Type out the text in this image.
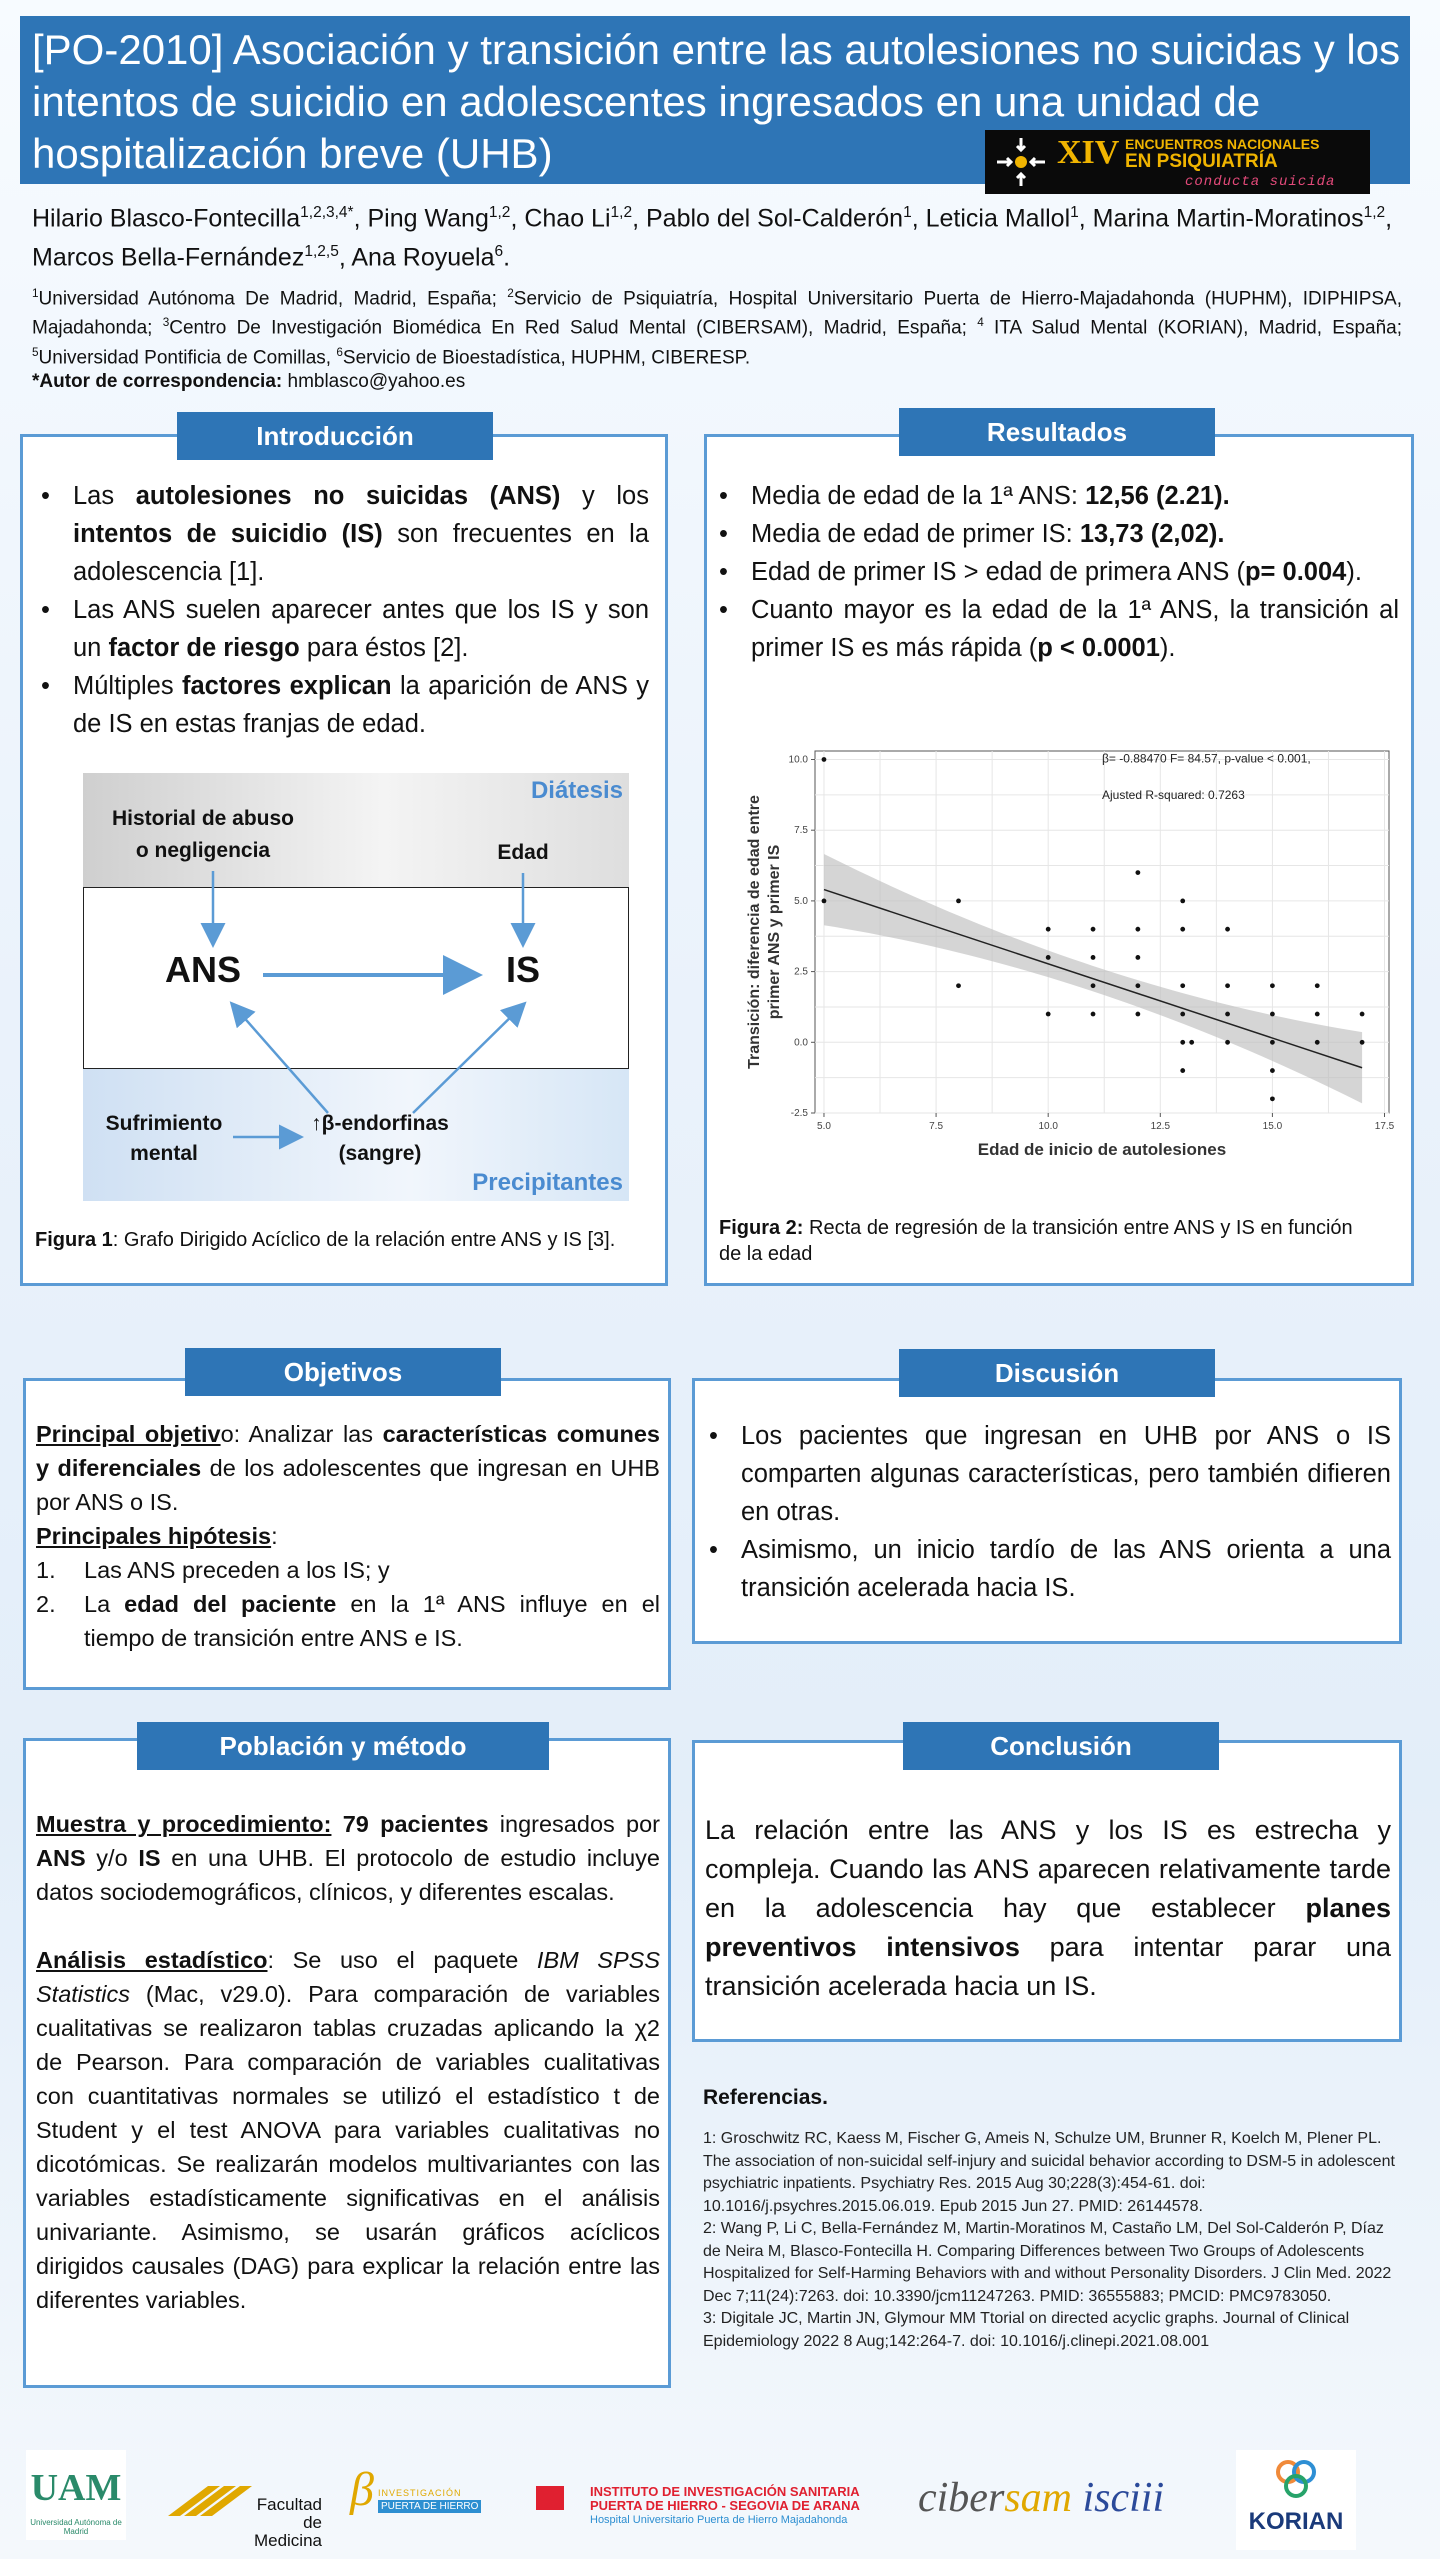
[PO-2010] Asociación y transición entre las autolesiones no suicidas y los intentos de suicidio en adolescentes ingresados en una unidad de hospitalización breve (UHB)	XIV ENCUENTROS NACIONALES
EN PSIQUIATRÍA
conducta suicida
Hilario Blasco-Fontecilla$^{1,2,3,4*}$, Ping Wang$^{1,2}$, Chao Li$^{1,2}$, Pablo del Sol-Calderón$^1$, Leticia Mallol$^1$, Marina Martin-Moratinos$^{1,2}$, Marcos Bella-Fernández$^{1,2,5}$, Ana Royuela$^6$.
$^1$Universidad Autónoma De Madrid, Madrid, España; $^2$Servicio de Psiquiatría, Hospital Universitario Puerta de Hierro-Majadahonda (HUPHM), IDIPHIPSA, Majadahonda; $^3$Centro De Investigación Biomédica En Red Salud Mental (CIBERSAM), Madrid, España; $^4$ ITA Salud Mental (KORIAN), Madrid, España; $^5$Universidad Pontificia de Comillas, $^6$Servicio de Bioestadística, HUPHM, CIBERESP.
*Autor de correspondencia: hmblasco@yahoo.es
• Las autolesiones no suicidas (ANS) y los intentos de suicidio (IS) son frecuentes en la adolescencia [1].
• Las ANS suelen aparecer antes que los IS y son un factor de riesgo para éstos [2].
• Múltiples factores explican la aparición de ANS y de IS en estas franjas de edad.
Diátesis
Historial de abuso o negligencia	Edad
ANS	IS
Sufrimiento mental
↑β-endorfinas (sangre)
Precipitantes
Figura 1: Grafo Dirigido Acíclico de la relación entre ANS y IS [3].
Introducción
• Media de edad de la 1ª ANS: 12,56 (2.21).
• Media de edad de primer IS: 13,73 (2,02).
• Edad de primer IS > edad de primera ANS (p= 0.004).
• Cuanto mayor es la edad de la 1ª ANS, la transición al primer IS es más rápida (p < 0.0001).
5.0	7.5	10.0	12.5	15.0	17.5
-2.5
0.0
2.5
5.0
7.5
10.0	β= -0.88470 F= 84.57, p-value < 0.001,
Ajusted R-squared: 0.7263
Edad de inicio de autolesiones
Transición: diferencia de edad entre primer ANS y primer IS
Figura 2: Recta de regresión de la transición entre ANS y IS en función de la edad
Resultados
Principal objetivo: Analizar las características comunes y diferenciales de los adolescentes que ingresan en UHB por ANS o IS.
Principales hipótesis:
1.	Las ANS preceden a los IS; y
2.	La edad del paciente en la 1ª ANS influye en el tiempo de transición entre ANS e IS.
Objetivos
• Los pacientes que ingresan en UHB por ANS o IS comparten algunas características, pero también difieren en otras.
• Asimismo, un inicio tardío de las ANS orienta a una transición acelerada hacia IS.
Discusión
Muestra y procedimiento: 79 pacientes ingresados por ANS y/o IS en una UHB. El protocolo de estudio incluye datos sociodemográficos, clínicos, y diferentes escalas.
Análisis estadístico: Se uso el paquete IBM SPSS Statistics (Mac, v29.0). Para comparación de variables cualitativas se realizaron tablas cruzadas aplicando la χ2 de Pearson. Para comparación de variables cualitativas con cuantitativas normales se utilizó el estadístico t de Student y el test ANOVA para variables cualitativas no dicotómicas. Se realizarán modelos multivariantes con las variables estadísticamente significativas en el análisis univariante. Asimismo, se usarán gráficos acíclicos dirigidos causales (DAG) para explicar la relación entre las diferentes variables.
Población y método
La relación entre las ANS y los IS es estrecha y compleja. Cuando las ANS aparecen relativamente tarde en la adolescencia hay que establecer planes preventivos intensivos para intentar parar una transición acelerada hacia un IS.
Conclusión
Referencias.
1: Groschwitz RC, Kaess M, Fischer G, Ameis N, Schulze UM, Brunner R, Koelch M, Plener PL. The association of non-suicidal self-injury and suicidal behavior according to DSM-5 in adolescent psychiatric inpatients. Psychiatry Res. 2015 Aug 30;228(3):454-61. doi: 10.1016/j.psychres.2015.06.019. Epub 2015 Jun 27. PMID: 26144578.
2: Wang P, Li C, Bella-Fernández M, Martin-Moratinos M, Castaño LM, Del Sol-Calderón P, Díaz de Neira M, Blasco-Fontecilla H. Comparing Differences between Two Groups of Adolescents Hospitalized for Self-Harming Behaviors with and without Personality Disorders. J Clin Med. 2022 Dec 7;11(24):7263. doi: 10.3390/jcm11247263. PMID: 36555883; PMCID: PMC9783050.
3: Digitale JC, Martin JN, Glymour MM Ttorial on directed acyclic graphs. Journal of Clinical Epidemiology 2022 8 Aug;142:264-7. doi: 10.1016/j.clinepi.2021.08.001
UAM
Universidad Autónoma de Madrid
Facultad
de Medicina
β INVESTIGACIÓN
PUERTA DE HIERRO
INSTITUTO DE INVESTIGACIÓN SANITARIA
PUERTA DE HIERRO - SEGOVIA DE ARANA
Hospital Universitario Puerta de Hierro Majadahonda cibersam isciii
KORIAN
